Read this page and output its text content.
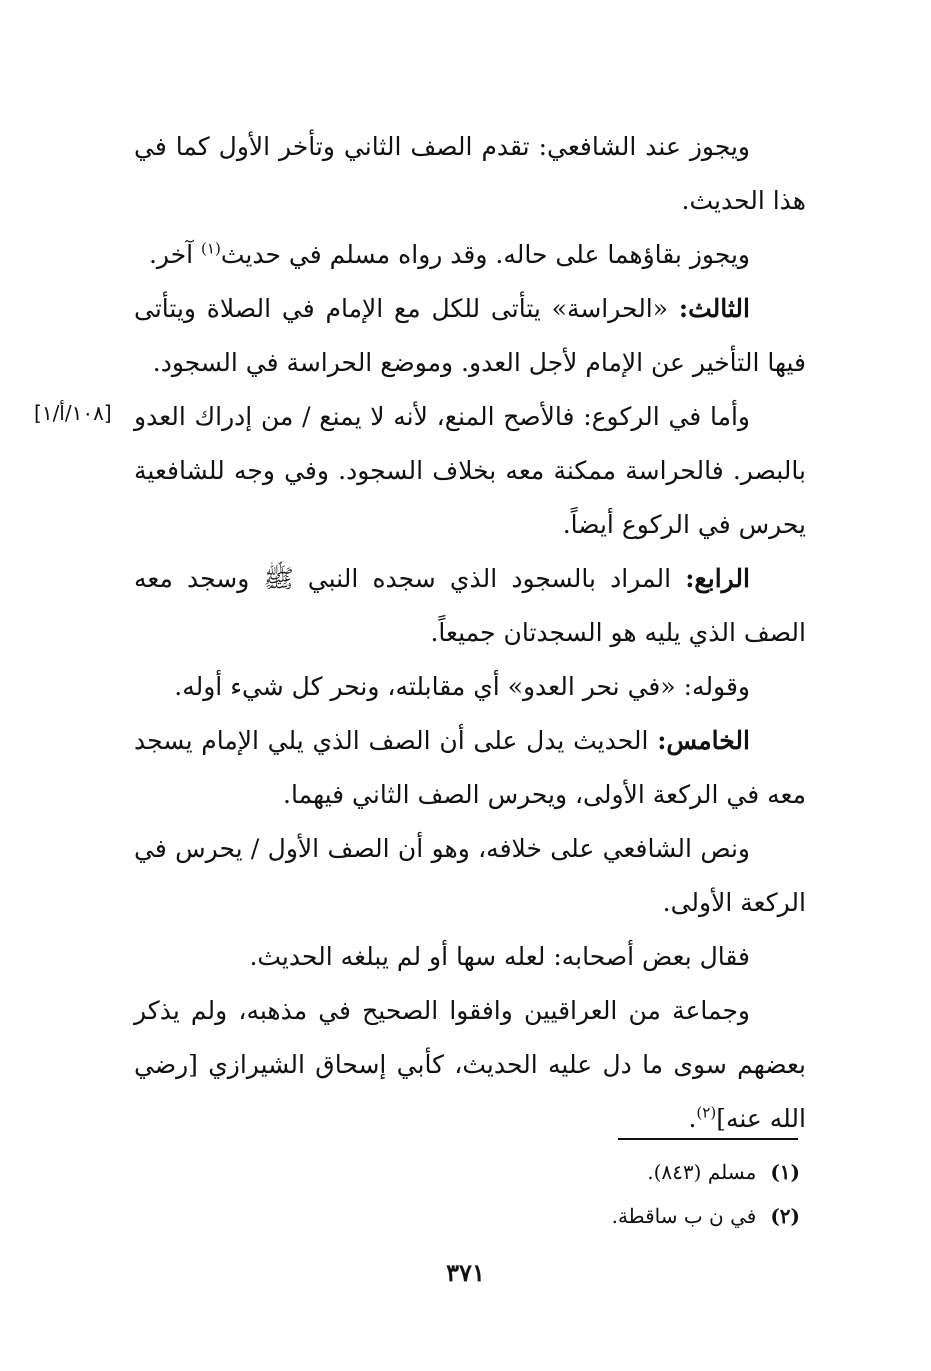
ويجوز عند الشافعي: تقدم الصف الثاني وتأخر الأول كما في هذا الحديث.

ويجوز بقاؤهما على حاله. وقد رواه مسلم في حديث$^{(١)}$ آخر.

الثالث: «الحراسة» يتأتى للكل مع الإمام في الصلاة ويتأتى فيها التأخير عن الإمام لأجل العدو. وموضع الحراسة في السجود.

وأما في الركوع: فالأصح المنع، لأنه لا يمنع / من إدراك العدو بالبصر. فالحراسة ممكنة معه بخلاف السجود. وفي وجه للشافعية يحرس في الركوع أيضاً.

الرابع: المراد بالسجود الذي سجده النبي ﷺ وسجد معه الصف الذي يليه هو السجدتان جميعاً.

وقوله: «في نحر العدو» أي مقابلته، ونحر كل شيء أوله.

الخامس: الحديث يدل على أن الصف الذي يلي الإمام يسجد معه في الركعة الأولى، ويحرس الصف الثاني فيهما.

ونص الشافعي على خلافه، وهو أن الصف الأول / يحرس في الركعة الأولى.

فقال بعض أصحابه: لعله سها أو لم يبلغه الحديث.

وجماعة من العراقيين وافقوا الصحيح في مذهبه، ولم يذكر بعضهم سوى ما دل عليه الحديث، كأبي إسحاق الشيرازي [رضي الله عنه]$^{(٢)}$.

[١٠٨/أ/١]

(١)مسلم (٨٤٣).

(٢)في ن ب ساقطة.

٣٧١
